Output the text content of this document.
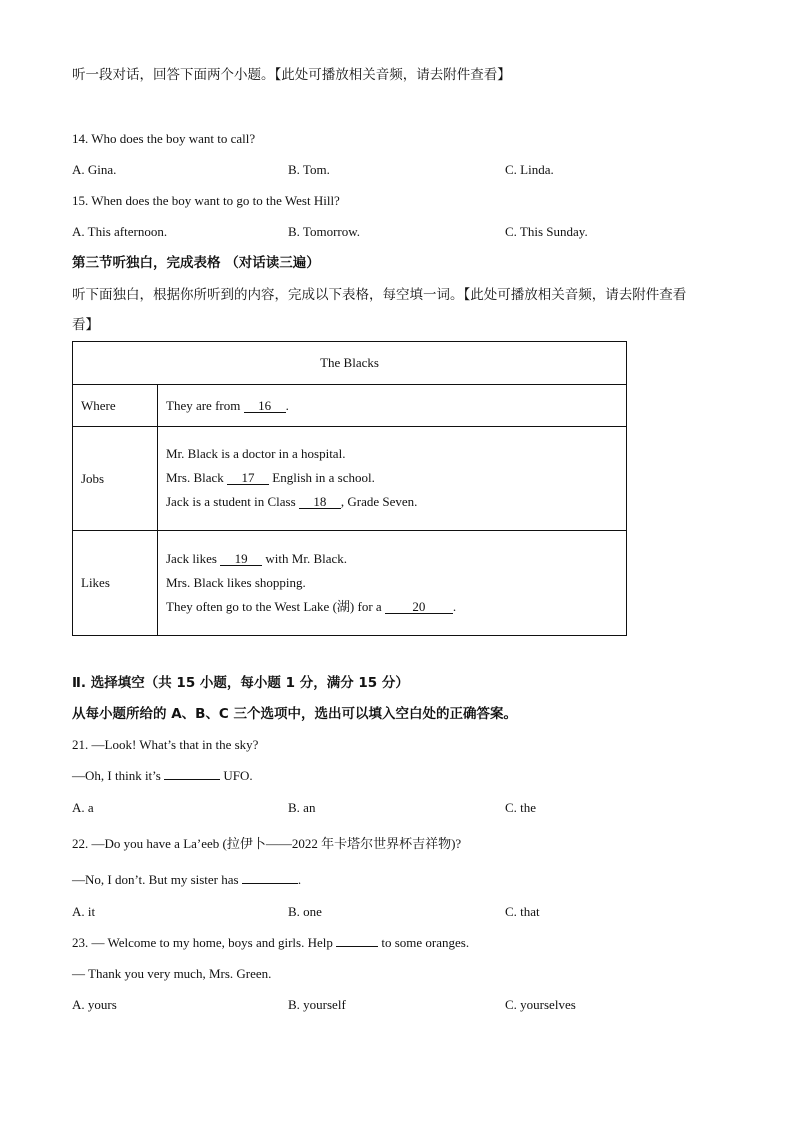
听一段对话，回答下面两个小题。【此处可播放相关音频，请去附件查看】
14. Who does the boy want to call?
A. Gina.	B. Tom.	C. Linda.
15. When does the boy want to go to the West Hill?
A. This afternoon.	B. Tomorrow.	C. This Sunday.
第三节听独白，完成表格 （对话读三遍）
听下面独白，根据你所听到的内容，完成以下表格，每空填一词。【此处可播放相关音频，请去附件查看
看】
The Blacks	
Where	They are from 16 .
Jobs	Mr. Black is a doctor in a hospital.
Mrs. Black 17 English in a school.
Jack is a student in Class 18 , Grade Seven.

Likes	Jack likes 19 with Mr. Black.
Mrs. Black likes shopping.
They often go to the West Lake (湖) for a 20 .
Ⅱ. 选择填空（共 15 小题，每小题 1 分，满分 15 分）
从每小题所给的 A、B、C 三个选项中，选出可以填入空白处的正确答案。
21. —Look! What’s that in the sky?
—Oh, I think it’s	UFO.
A. a	B. an	C. the
22. —Do you have a La’eeb (拉伊卜——2022 年卡塔尔世界杯吉祥物)?
—No, I don’t. But my sister has	.
A. it	B. one	C. that
23. — Welcome to my home, boys and girls. Help	to some oranges.
— Thank you very much, Mrs. Green.
A. yours	B. yourself	C. yourselves
